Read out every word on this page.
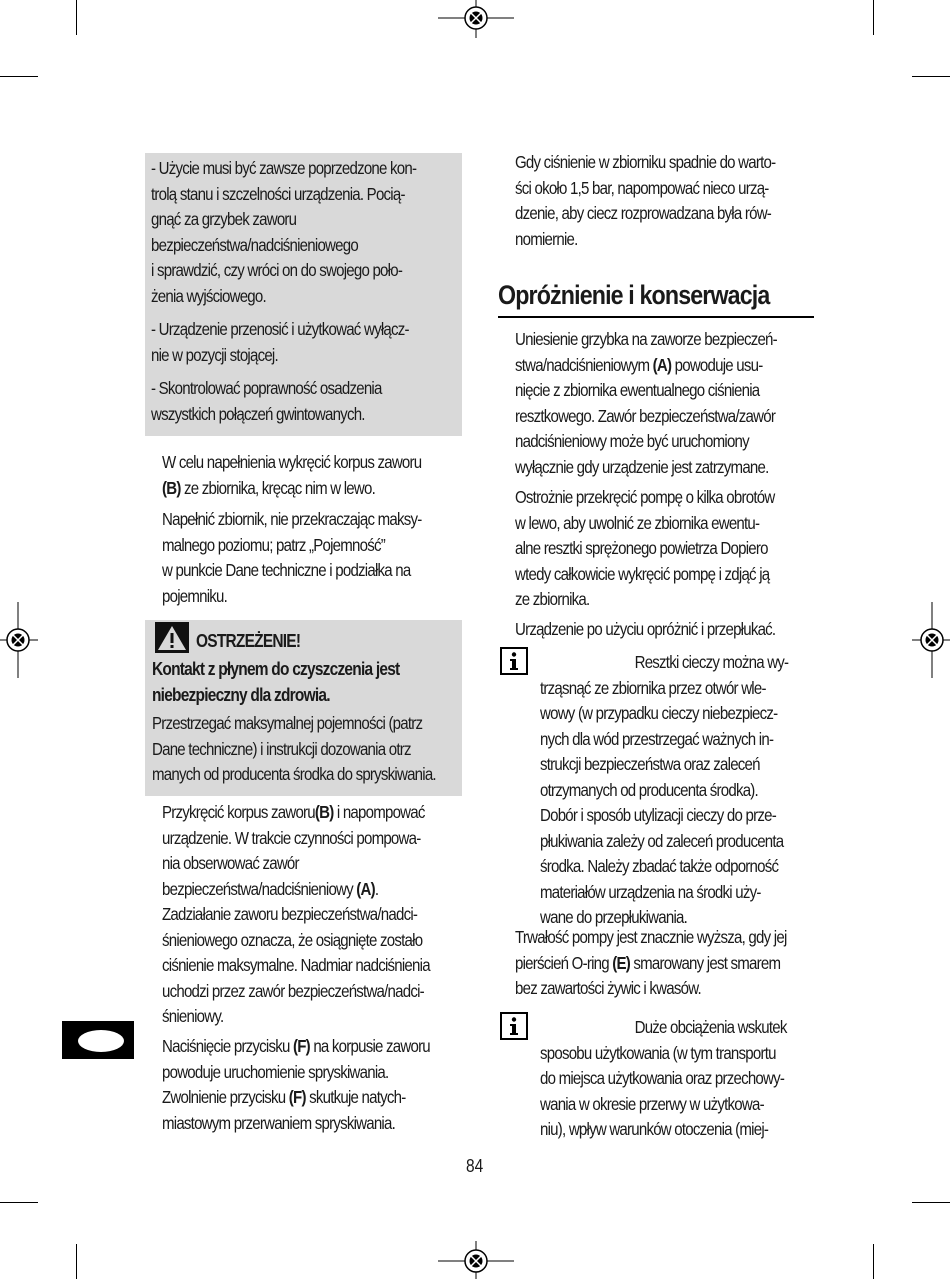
- Użycie musi być zawsze poprzedzone kon-
trolą stanu i szczelności urządzenia. Pocią-
gnąć za grzybek zaworu
bezpieczeństwa/nadciśnieniowego
i sprawdzić, czy wróci on do swojego poło-
żenia wyjściowego.

- Urządzenie przenosić i użytkować wyłącz-
nie w pozycji stojącej.

- Skontrolować poprawność osadzenia
wszystkich połączeń gwintowanych.

W celu napełnienia wykręcić korpus zaworu
(B) ze zbiornika, kręcąc nim w lewo.

Napełnić zbiornik, nie przekraczając maksy-
malnego poziomu; patrz „Pojemność”
w punkcie Dane techniczne i podziałka na
pojemniku.

OSTRZEŻENIE!

Kontakt z płynem do czyszczenia jest
niebezpieczny dla zdrowia.

Przestrzegać maksymalnej pojemności (patrz
Dane techniczne) i instrukcji dozowania otrz
manych od producenta środka do spryskiwania.

Przykręcić korpus zaworu(B) i napompować
urządzenie. W trakcie czynności pompowa-
nia obserwować zawór
bezpieczeństwa/nadciśnieniowy (A).
Zadziałanie zaworu bezpieczeństwa/nadci-
śnieniowego oznacza, że osiągnięte zostało
ciśnienie maksymalne. Nadmiar nadciśnienia
uchodzi przez zawór bezpieczeństwa/nadci-
śnieniowy.

Naciśnięcie przycisku (F) na korpusie zaworu
powoduje uruchomienie spryskiwania.
Zwolnienie przycisku (F) skutkuje natych-
miastowym przerwaniem spryskiwania.

Gdy ciśnienie w zbiorniku spadnie do warto-
ści około 1,5 bar, napompować nieco urzą-
dzenie, aby ciecz rozprowadzana była rów-
nomiernie.

Opróżnienie i konserwacja

Uniesienie grzybka na zaworze bezpieczeń-
stwa/nadciśnieniowym (A) powoduje usu-
nięcie z zbiornika ewentualnego ciśnienia
resztkowego. Zawór bezpieczeństwa/zawór
nadciśnieniowy może być uruchomiony
wyłącznie gdy urządzenie jest zatrzymane.

Ostrożnie przekręcić pompę o kilka obrotów
w lewo, aby uwolnić ze zbiornika ewentu-
alne resztki sprężonego powietrza Dopiero
wtedy całkowicie wykręcić pompę i zdjąć ją
ze zbiornika.

Urządzenie po użyciu opróżnić i przepłukać.

Resztki cieczy można wy-

trząsnąć ze zbiornika przez otwór wle-
wowy (w przypadku cieczy niebezpiecz-
nych dla wód przestrzegać ważnych in-
strukcji bezpieczeństwa oraz zaleceń
otrzymanych od producenta środka).
Dobór i sposób utylizacji cieczy do prze-
płukiwania zależy od zaleceń producenta
środka. Należy zbadać także odporność
materiałów urządzenia na środki uży-
wane do przepłukiwania.

Trwałość pompy jest znacznie wyższa, gdy jej
pierścień O-ring (E) smarowany jest smarem
bez zawartości żywic i kwasów.

Duże obciążenia wskutek

sposobu użytkowania (w tym transportu
do miejsca użytkowania oraz przechowy-
wania w okresie przerwy w użytkowa-
niu), wpływ warunków otoczenia (miej-

84
